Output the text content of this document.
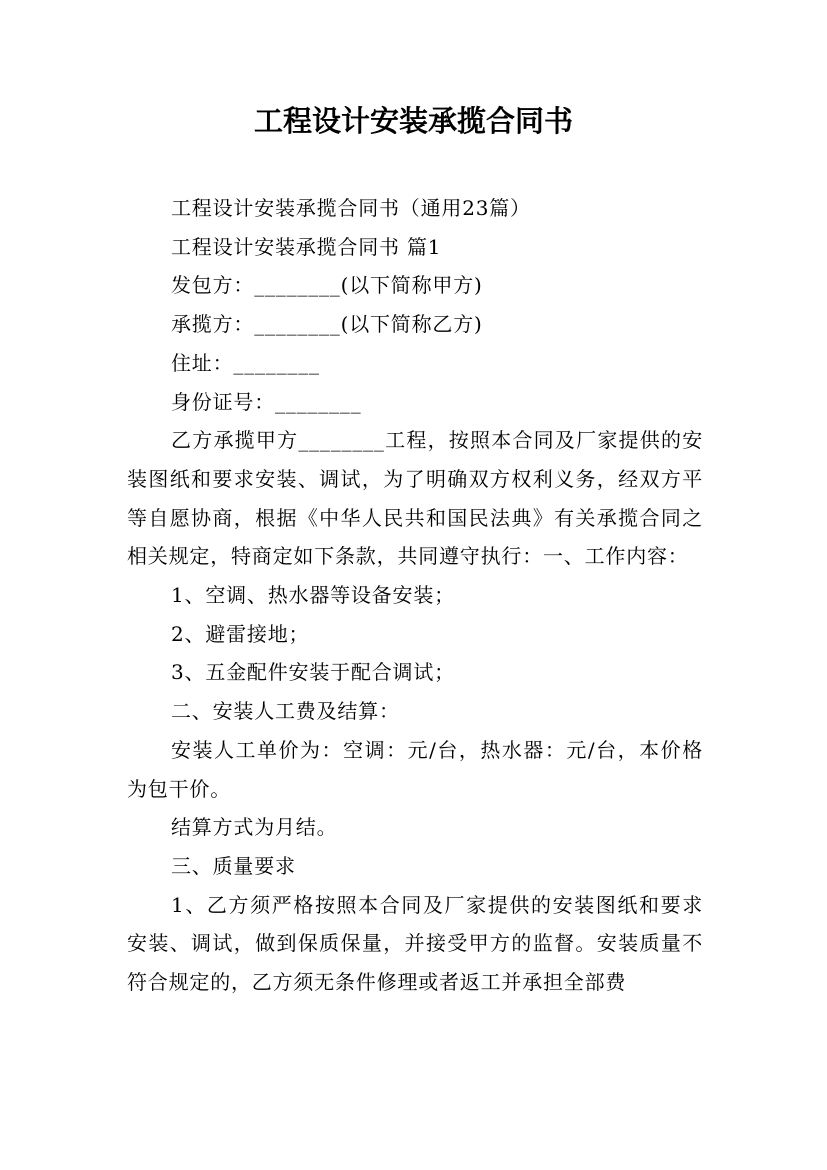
工程设计安装承揽合同书

工程设计安装承揽合同书（通用23篇）

工程设计安装承揽合同书 篇1

发包方：________(以下简称甲方)

承揽方：________(以下简称乙方)

住址：________

身份证号：________

乙方承揽甲方________工程，按照本合同及厂家提供的安装图纸和要求安装、调试，为了明确双方权利义务，经双方平等自愿协商，根据《中华人民共和国民法典》有关承揽合同之相关规定，特商定如下条款，共同遵守执行：一、工作内容：

1、空调、热水器等设备安装；

2、避雷接地；

3、五金配件安装于配合调试；

二、安装人工费及结算：

安装人工单价为：空调：元/台，热水器：元/台，本价格为包干价。

结算方式为月结。

三、质量要求

1、乙方须严格按照本合同及厂家提供的安装图纸和要求安装、调试，做到保质保量，并接受甲方的监督。安装质量不符合规定的，乙方须无条件修理或者返工并承担全部费
